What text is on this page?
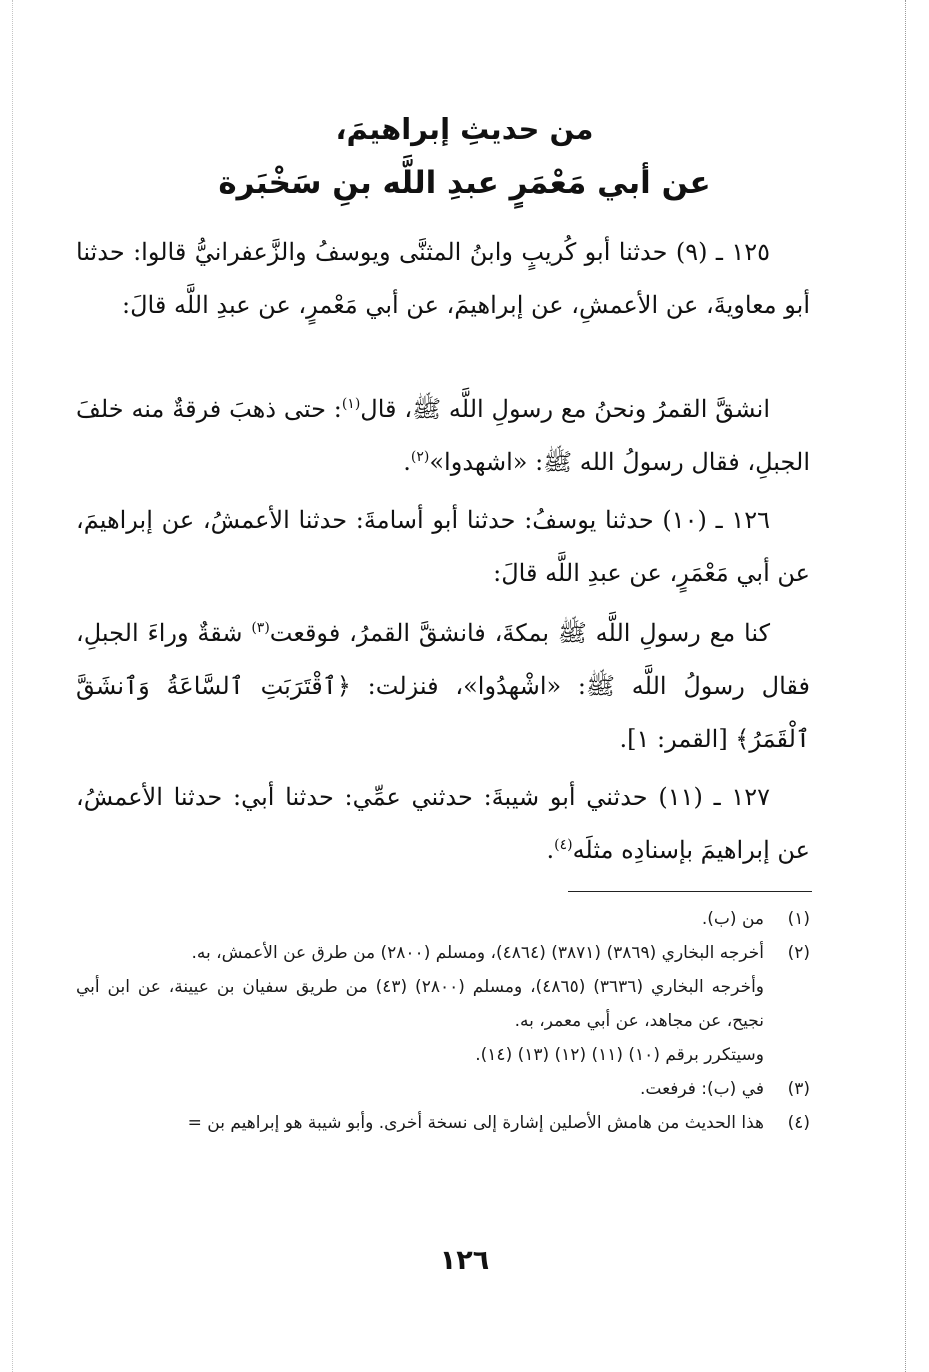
من حديثِ إبراهيمَ،
عن أبي مَعْمَرٍ عبدِ اللَّه بنِ سَخْبَرة
١٢٥ ـ (٩) حدثنا أبو كُريبٍ وابنُ المثنَّى ويوسفُ والزَّعفرانيُّ قالوا: حدثنا أبو معاويةَ، عن الأعمشِ، عن إبراهيمَ، عن أبي مَعْمرٍ، عن عبدِ اللَّه قالَ:
انشقَّ القمرُ ونحنُ مع رسولِ اللَّه ﷺ، قال$^{(١)}$: حتى ذهبَ فرقةٌ منه خلفَ الجبلِ، فقال رسولُ الله ﷺ: «اشهدوا»$^{(٢)}$.
١٢٦ ـ (١٠) حدثنا يوسفُ: حدثنا أبو أسامةَ: حدثنا الأعمشُ، عن إبراهيمَ، عن أبي مَعْمَرٍ، عن عبدِ اللَّه قالَ:
كنا مع رسولِ اللَّه ﷺ بمكةَ، فانشقَّ القمرُ، فوقعت$^{(٣)}$ شقةٌ وراءَ الجبلِ، فقال رسولُ اللَّه ﷺ: «اشْهدُوا»، فنزلت: ﴿ٱقْتَرَبَتِ ٱلسَّاعَةُ وَٱنشَقَّ ٱلْقَمَرُ﴾ [القمر: ١].
١٢٧ ـ (١١) حدثني أبو شيبةَ: حدثني عمِّي: حدثنا أبي: حدثنا الأعمشُ، عن إبراهيمَ بإسنادِه مثلَه$^{(٤)}$.
(١)
من (ب).
(٢)
أخرجه البخاري (٣٨٦٩) (٣٨٧١) (٤٨٦٤)، ومسلم (٢٨٠٠) من طرق عن الأعمش، به.
وأخرجه البخاري (٣٦٣٦) (٤٨٦٥)، ومسلم (٢٨٠٠) (٤٣) من طريق سفيان بن عيينة، عن ابن أبي نجيح، عن مجاهد، عن أبي معمر، به.
وسيتكرر برقم (١٠) (١١) (١٢) (١٣) (١٤).
(٣)
في (ب): فرفعت.
(٤)
هذا الحديث من هامش الأصلين إشارة إلى نسخة أخرى. وأبو شيبة هو إبراهيم بن =
١٢٦
